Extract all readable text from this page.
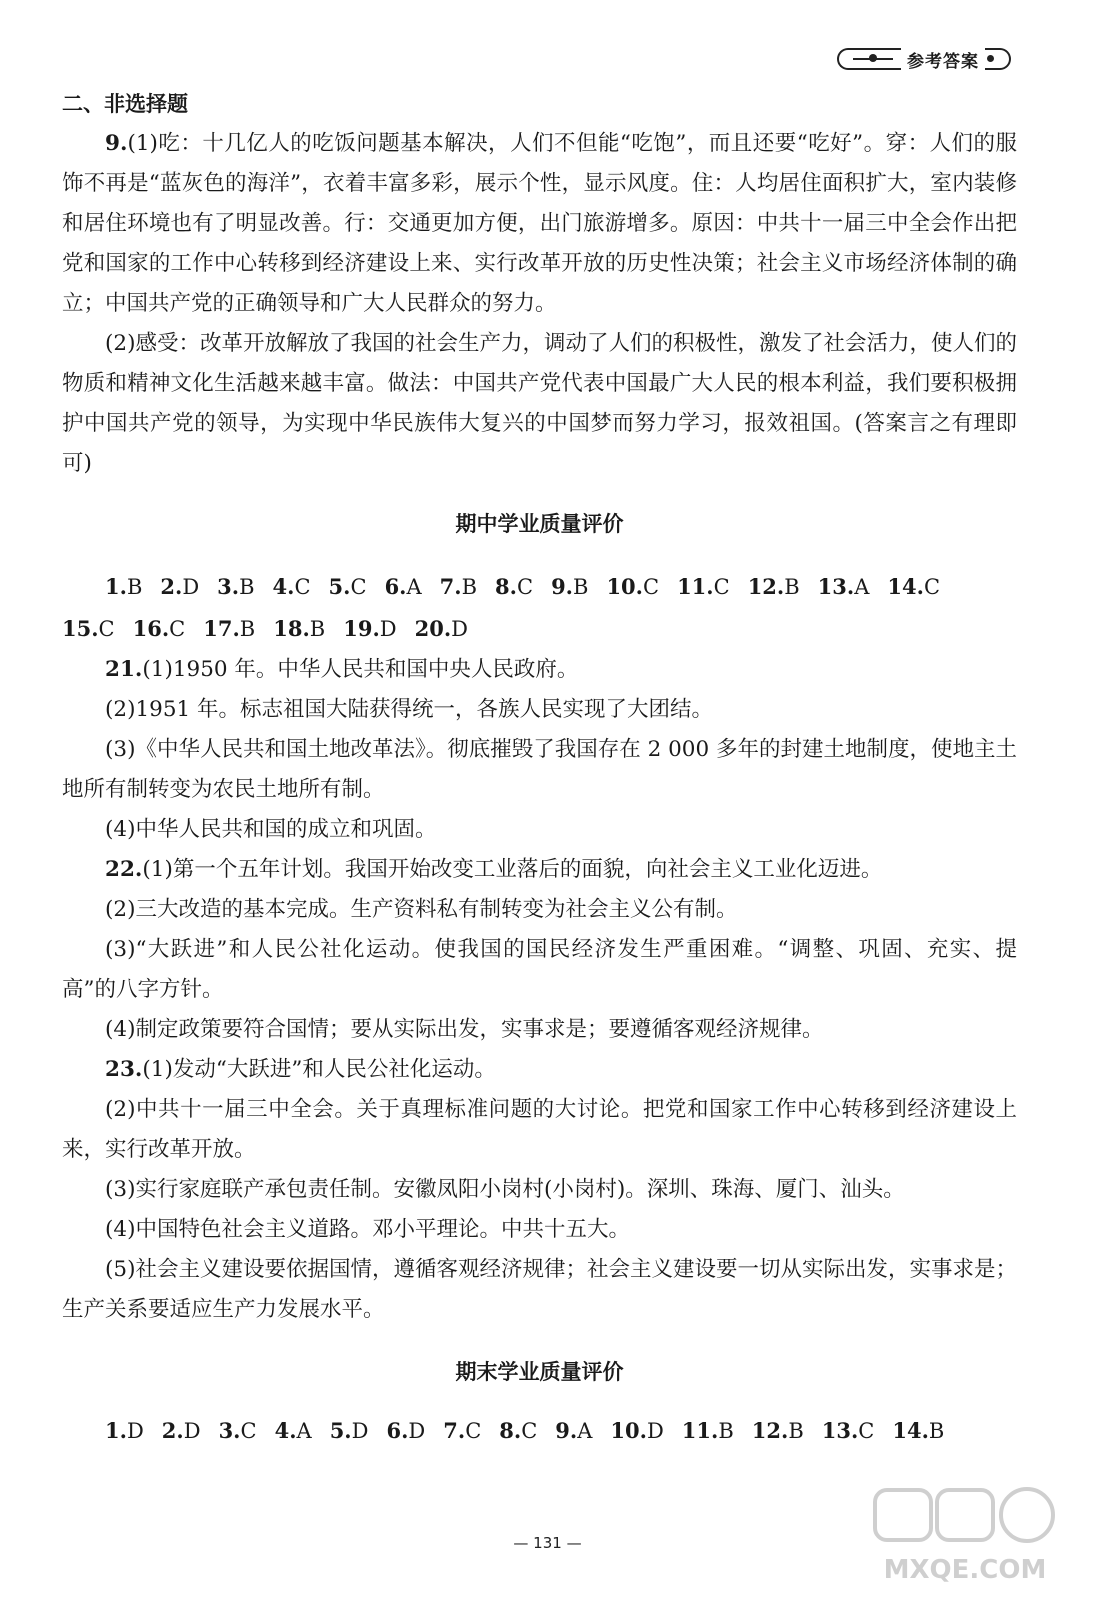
参考答案

二、非选择题

9.(1)吃：十几亿人的吃饭问题基本解决，人们不但能“吃饱”，而且还要“吃好”。穿：人们的服饰不再是“蓝灰色的海洋”，衣着丰富多彩，展示个性，显示风度。住：人均居住面积扩大，室内装修和居住环境也有了明显改善。行：交通更加方便，出门旅游增多。原因：中共十一届三中全会作出把党和国家的工作中心转移到经济建设上来、实行改革开放的历史性决策；社会主义市场经济体制的确立；中国共产党的正确领导和广大人民群众的努力。

(2)感受：改革开放解放了我国的社会生产力，调动了人们的积极性，激发了社会活力，使人们的物质和精神文化生活越来越丰富。做法：中国共产党代表中国最广大人民的根本利益，我们要积极拥护中国共产党的领导，为实现中华民族伟大复兴的中国梦而努力学习，报效祖国。(答案言之有理即可)

期中学业质量评价

1.B 2.D 3.B 4.C 5.C 6.A 7.B 8.C 9.B 10.C 11.C 12.B 13.A 14.C
15.C 16.C 17.B 18.B 19.D 20.D

21.(1)1950 年。中华人民共和国中央人民政府。

(2)1951 年。标志祖国大陆获得统一，各族人民实现了大团结。

(3)《中华人民共和国土地改革法》。彻底摧毁了我国存在 2 000 多年的封建土地制度，使地主土地所有制转变为农民土地所有制。

(4)中华人民共和国的成立和巩固。

22.(1)第一个五年计划。我国开始改变工业落后的面貌，向社会主义工业化迈进。

(2)三大改造的基本完成。生产资料私有制转变为社会主义公有制。

(3)“大跃进”和人民公社化运动。使我国的国民经济发生严重困难。“调整、巩固、充实、提高”的八字方针。

(4)制定政策要符合国情；要从实际出发，实事求是；要遵循客观经济规律。

23.(1)发动“大跃进”和人民公社化运动。

(2)中共十一届三中全会。关于真理标准问题的大讨论。把党和国家工作中心转移到经济建设上来，实行改革开放。

(3)实行家庭联产承包责任制。安徽凤阳小岗村(小岗村)。深圳、珠海、厦门、汕头。

(4)中国特色社会主义道路。邓小平理论。中共十五大。

(5)社会主义建设要依据国情，遵循客观经济规律；社会主义建设要一切从实际出发，实事求是；生产关系要适应生产力发展水平。

期末学业质量评价

1.D 2.D 3.C 4.A 5.D 6.D 7.C 8.C 9.A 10.D 11.B 12.B 13.C 14.B
— 131 —
MXQE.COM
